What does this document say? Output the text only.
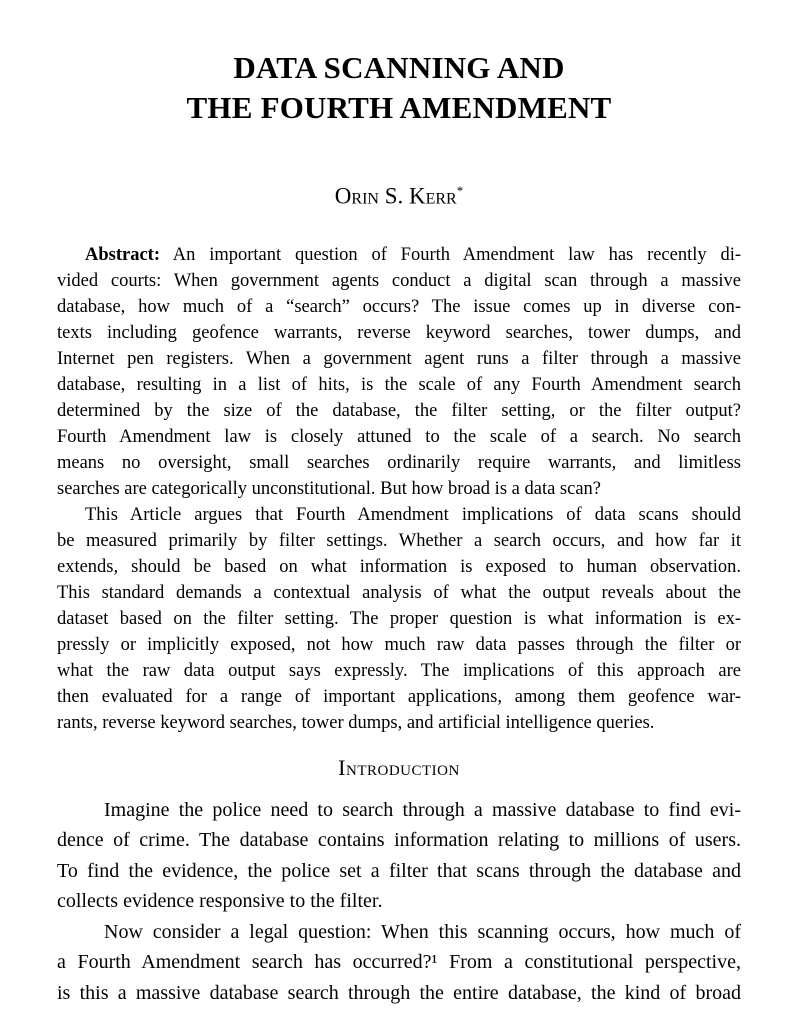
DATA SCANNING AND
THE FOURTH AMENDMENT
Orin S. Kerr*
Abstract: An important question of Fourth Amendment law has recently di-
vided courts: When government agents conduct a digital scan through a massive
database, how much of a “search” occurs? The issue comes up in diverse con-
texts including geofence warrants, reverse keyword searches, tower dumps, and
Internet pen registers. When a government agent runs a filter through a massive
database, resulting in a list of hits, is the scale of any Fourth Amendment search
determined by the size of the database, the filter setting, or the filter output?
Fourth Amendment law is closely attuned to the scale of a search. No search
means no oversight, small searches ordinarily require warrants, and limitless
searches are categorically unconstitutional. But how broad is a data scan?
This Article argues that Fourth Amendment implications of data scans should
be measured primarily by filter settings. Whether a search occurs, and how far it
extends, should be based on what information is exposed to human observation.
This standard demands a contextual analysis of what the output reveals about the
dataset based on the filter setting. The proper question is what information is ex-
pressly or implicitly exposed, not how much raw data passes through the filter or
what the raw data output says expressly. The implications of this approach are
then evaluated for a range of important applications, among them geofence war-
rants, reverse keyword searches, tower dumps, and artificial intelligence queries.
Introduction
Imagine the police need to search through a massive database to find evi-
dence of crime. The database contains information relating to millions of users.
To find the evidence, the police set a filter that scans through the database and
collects evidence responsive to the filter.
Now consider a legal question: When this scanning occurs, how much of
a Fourth Amendment search has occurred?¹ From a constitutional perspective,
is this a massive database search through the entire database, the kind of broad
